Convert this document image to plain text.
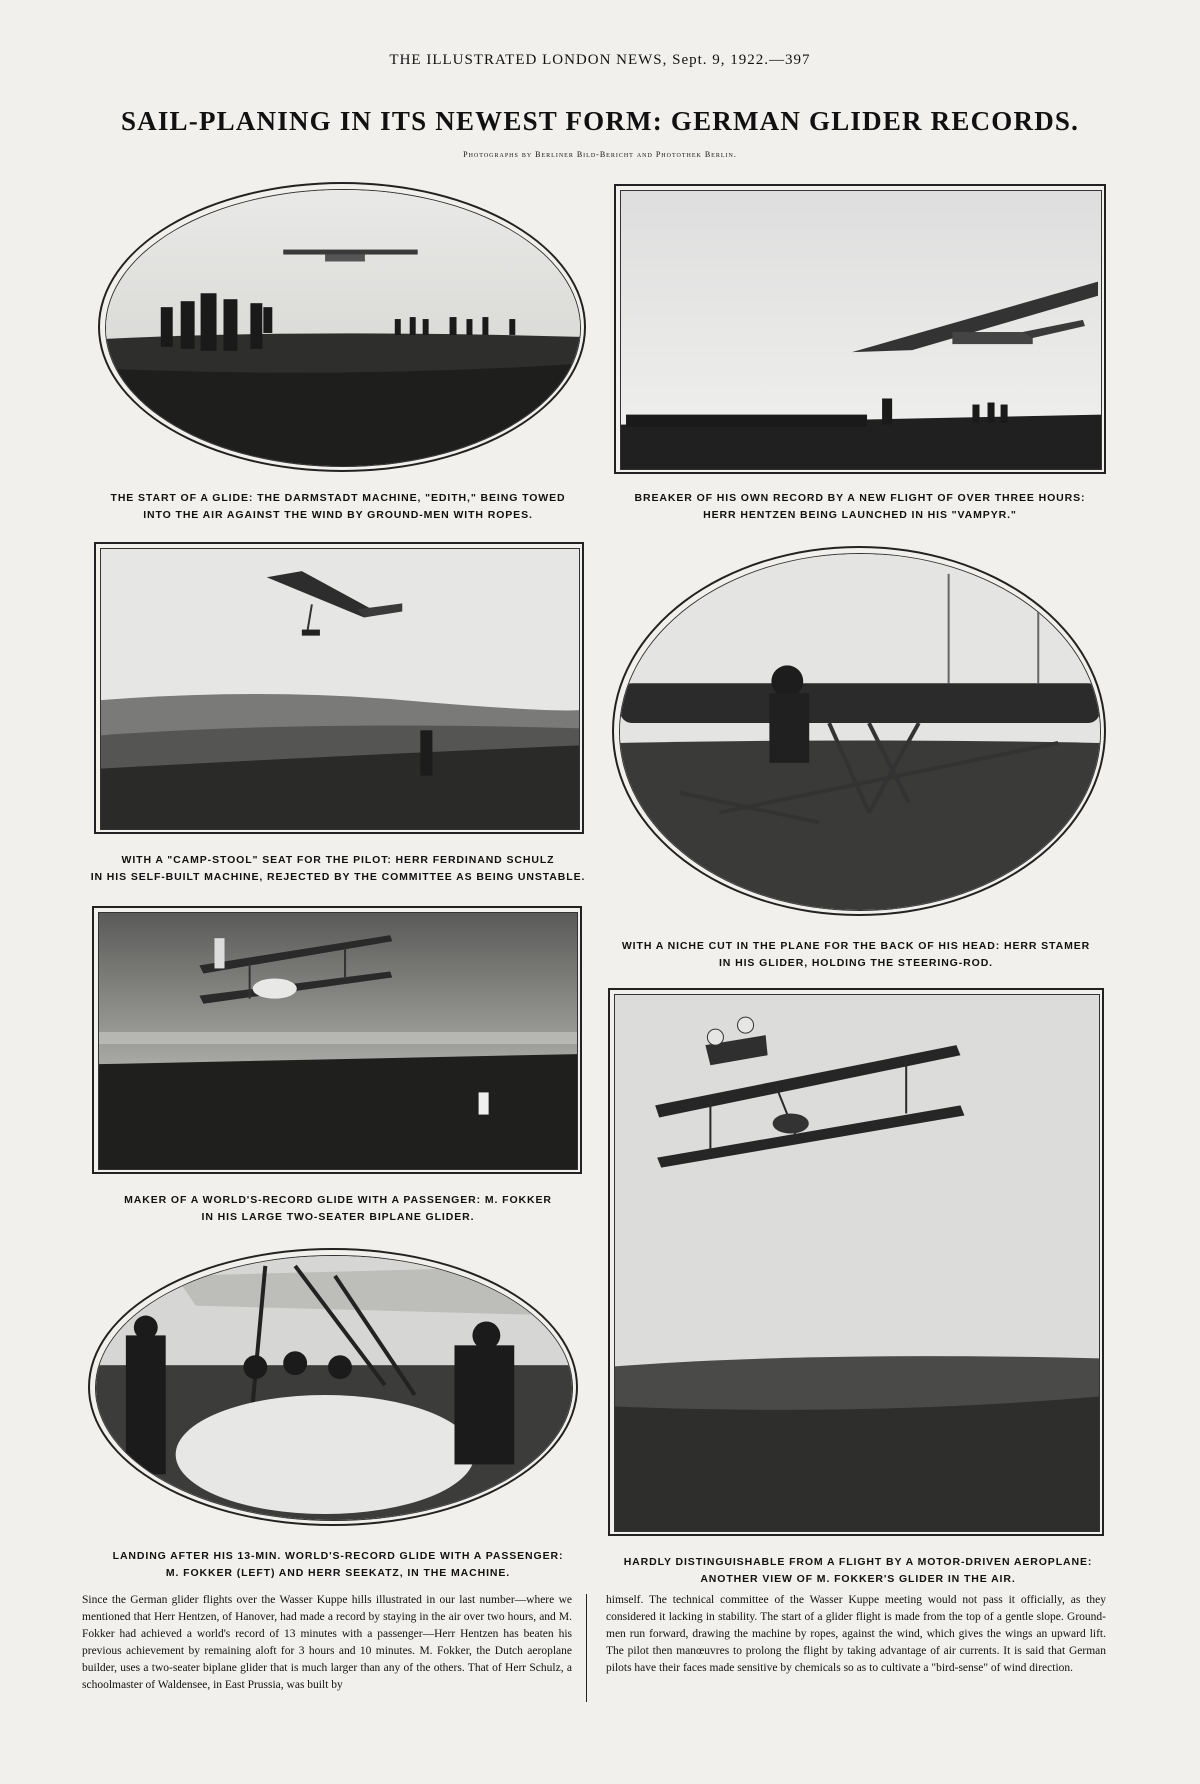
THE ILLUSTRATED LONDON NEWS, Sept. 9, 1922.—397
SAIL-PLANING IN ITS NEWEST FORM: GERMAN GLIDER RECORDS.
Photographs by Berliner Bild-Bericht and Photothek Berlin.
THE START OF A GLIDE: THE DARMSTADT MACHINE, "EDITH," BEING TOWED
INTO THE AIR AGAINST THE WIND BY GROUND-MEN WITH ROPES.
BREAKER OF HIS OWN RECORD BY A NEW FLIGHT OF OVER THREE HOURS:
HERR HENTZEN BEING LAUNCHED IN HIS "VAMPYR."
WITH A "CAMP-STOOL" SEAT FOR THE PILOT: HERR FERDINAND SCHULZ
IN HIS SELF-BUILT MACHINE, REJECTED BY THE COMMITTEE AS BEING UNSTABLE.
WITH A NICHE CUT IN THE PLANE FOR THE BACK OF HIS HEAD: HERR STAMER
IN HIS GLIDER, HOLDING THE STEERING-ROD.
MAKER OF A WORLD'S-RECORD GLIDE WITH A PASSENGER: M. FOKKER
IN HIS LARGE TWO-SEATER BIPLANE GLIDER.
HARDLY DISTINGUISHABLE FROM A FLIGHT BY A MOTOR-DRIVEN AEROPLANE:
ANOTHER VIEW OF M. FOKKER'S GLIDER IN THE AIR.
LANDING AFTER HIS 13-MIN. WORLD'S-RECORD GLIDE WITH A PASSENGER:
M. FOKKER (LEFT) AND HERR SEEKATZ, IN THE MACHINE.
Since the German glider flights over the Wasser Kuppe hills illustrated in our last number—where we mentioned that Herr Hentzen, of Hanover, had made a record by staying in the air over two hours, and M. Fokker had achieved a world's record of 13 minutes with a passenger—Herr Hentzen has beaten his previous achievement by remaining aloft for 3 hours and 10 minutes. M. Fokker, the Dutch aeroplane builder, uses a two-seater biplane glider that is much larger than any of the others. That of Herr Schulz, a schoolmaster of Waldensee, in East Prussia, was built by
himself. The technical committee of the Wasser Kuppe meeting would not pass it officially, as they considered it lacking in stability. The start of a glider flight is made from the top of a gentle slope. Ground-men run forward, drawing the machine by ropes, against the wind, which gives the wings an upward lift. The pilot then manœuvres to prolong the flight by taking advantage of air currents. It is said that German pilots have their faces made sensitive by chemicals so as to cultivate a "bird-sense" of wind direction.
